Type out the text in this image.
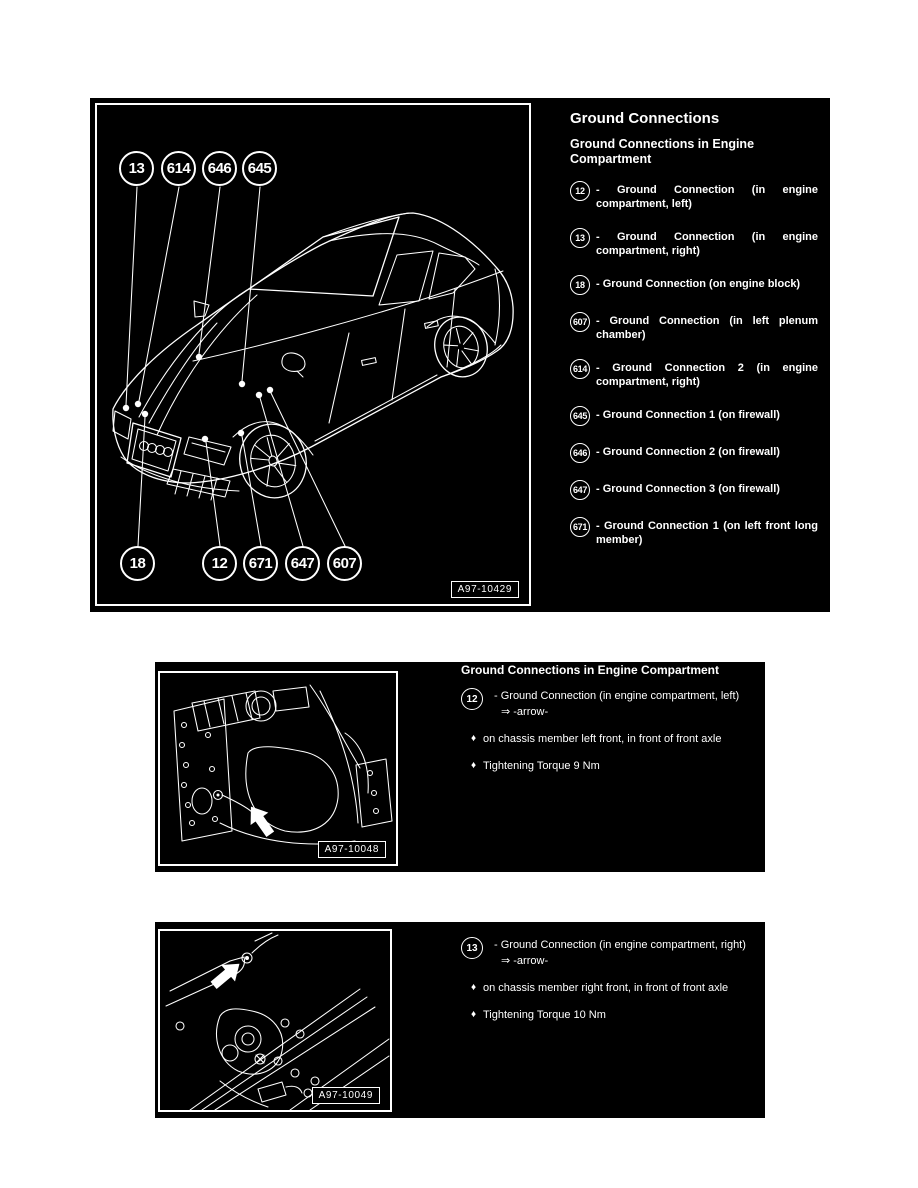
13 614 646 645
18	12 671 647 607
A97-10429
Ground Connections
Ground Connections in Engine Compartment
12	- Ground Connection (in engine compartment, left)
13	- Ground Connection (in engine compartment, right)
18	- Ground Connection (on engine block)
607 - Ground Connection (in left plenum chamber)
614 - Ground Connection 2 (in engine compartment, right)
645 - Ground Connection 1 (on firewall)
646 - Ground Connection 2 (on firewall)
647 - Ground Connection 3 (on firewall)
671 - Ground Connection 1 (on left front long member)
A97-10048
Ground Connections in Engine Compartment
12	- Ground Connection (in engine compartment, left)
⇒ -arrow-
♦ on chassis member left front, in front of front axle
♦ Tightening Torque 9 Nm
A97-10049
13	- Ground Connection (in engine compartment, right)
⇒ -arrow-
♦ on chassis member right front, in front of front axle
♦ Tightening Torque 10 Nm
